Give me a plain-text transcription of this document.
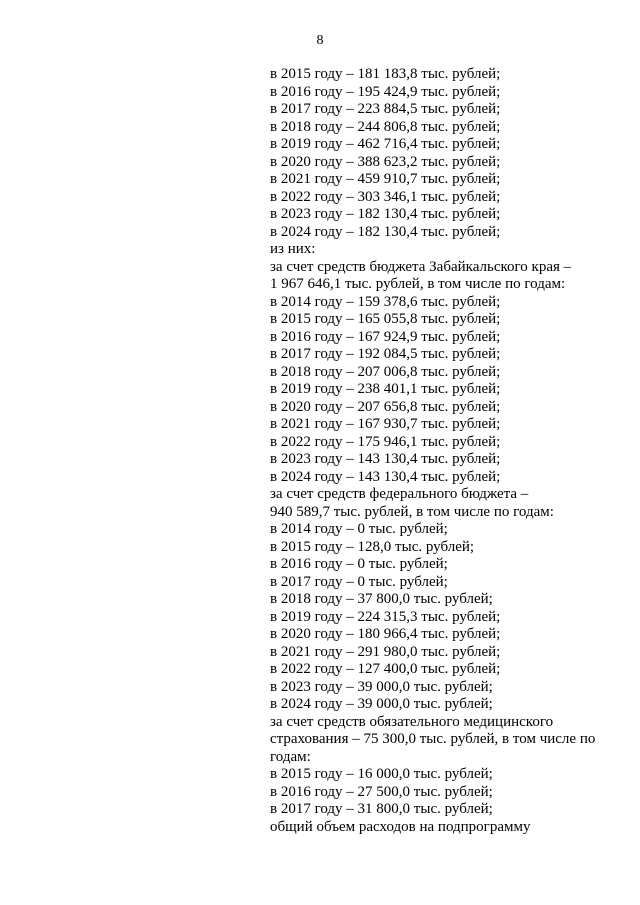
8
в 2015 году – 181 183,8 тыс. рублей;
в 2016 году – 195 424,9 тыс. рублей;
в 2017 году – 223 884,5 тыс. рублей;
в 2018 году – 244 806,8 тыс. рублей;
в 2019 году – 462 716,4 тыс. рублей;
в 2020 году – 388 623,2 тыс. рублей;
в 2021 году – 459 910,7 тыс. рублей;
в 2022 году – 303 346,1 тыс. рублей;
в 2023 году – 182 130,4 тыс. рублей;
в 2024 году – 182 130,4 тыс. рублей;
из них:
за счет средств бюджета Забайкальского края –
1 967 646,1 тыс. рублей, в том числе по годам:
в 2014 году – 159 378,6 тыс. рублей;
в 2015 году – 165 055,8 тыс. рублей;
в 2016 году – 167 924,9 тыс. рублей;
в 2017 году – 192 084,5 тыс. рублей;
в 2018 году – 207 006,8 тыс. рублей;
в 2019 году – 238 401,1 тыс. рублей;
в 2020 году – 207 656,8 тыс. рублей;
в 2021 году – 167 930,7 тыс. рублей;
в 2022 году – 175 946,1 тыс. рублей;
в 2023 году – 143 130,4 тыс. рублей;
в 2024 году – 143 130,4 тыс. рублей;
за счет средств федерального бюджета –
940 589,7 тыс. рублей, в том числе по годам:
в 2014 году – 0 тыс. рублей;
в 2015 году – 128,0 тыс. рублей;
в 2016 году – 0 тыс. рублей;
в 2017 году – 0 тыс. рублей;
в 2018 году – 37 800,0 тыс. рублей;
в 2019 году – 224 315,3 тыс. рублей;
в 2020 году – 180 966,4 тыс. рублей;
в 2021 году – 291 980,0 тыс. рублей;
в 2022 году – 127 400,0 тыс. рублей;
в 2023 году – 39 000,0 тыс. рублей;
в 2024 году – 39 000,0 тыс. рублей;
за счет средств обязательного медицинского
страхования – 75 300,0 тыс. рублей, в том числе по
годам:
в 2015 году – 16 000,0 тыс. рублей;
в 2016 году – 27 500,0 тыс. рублей;
в 2017 году – 31 800,0 тыс. рублей;
общий объем расходов на подпрограмму
